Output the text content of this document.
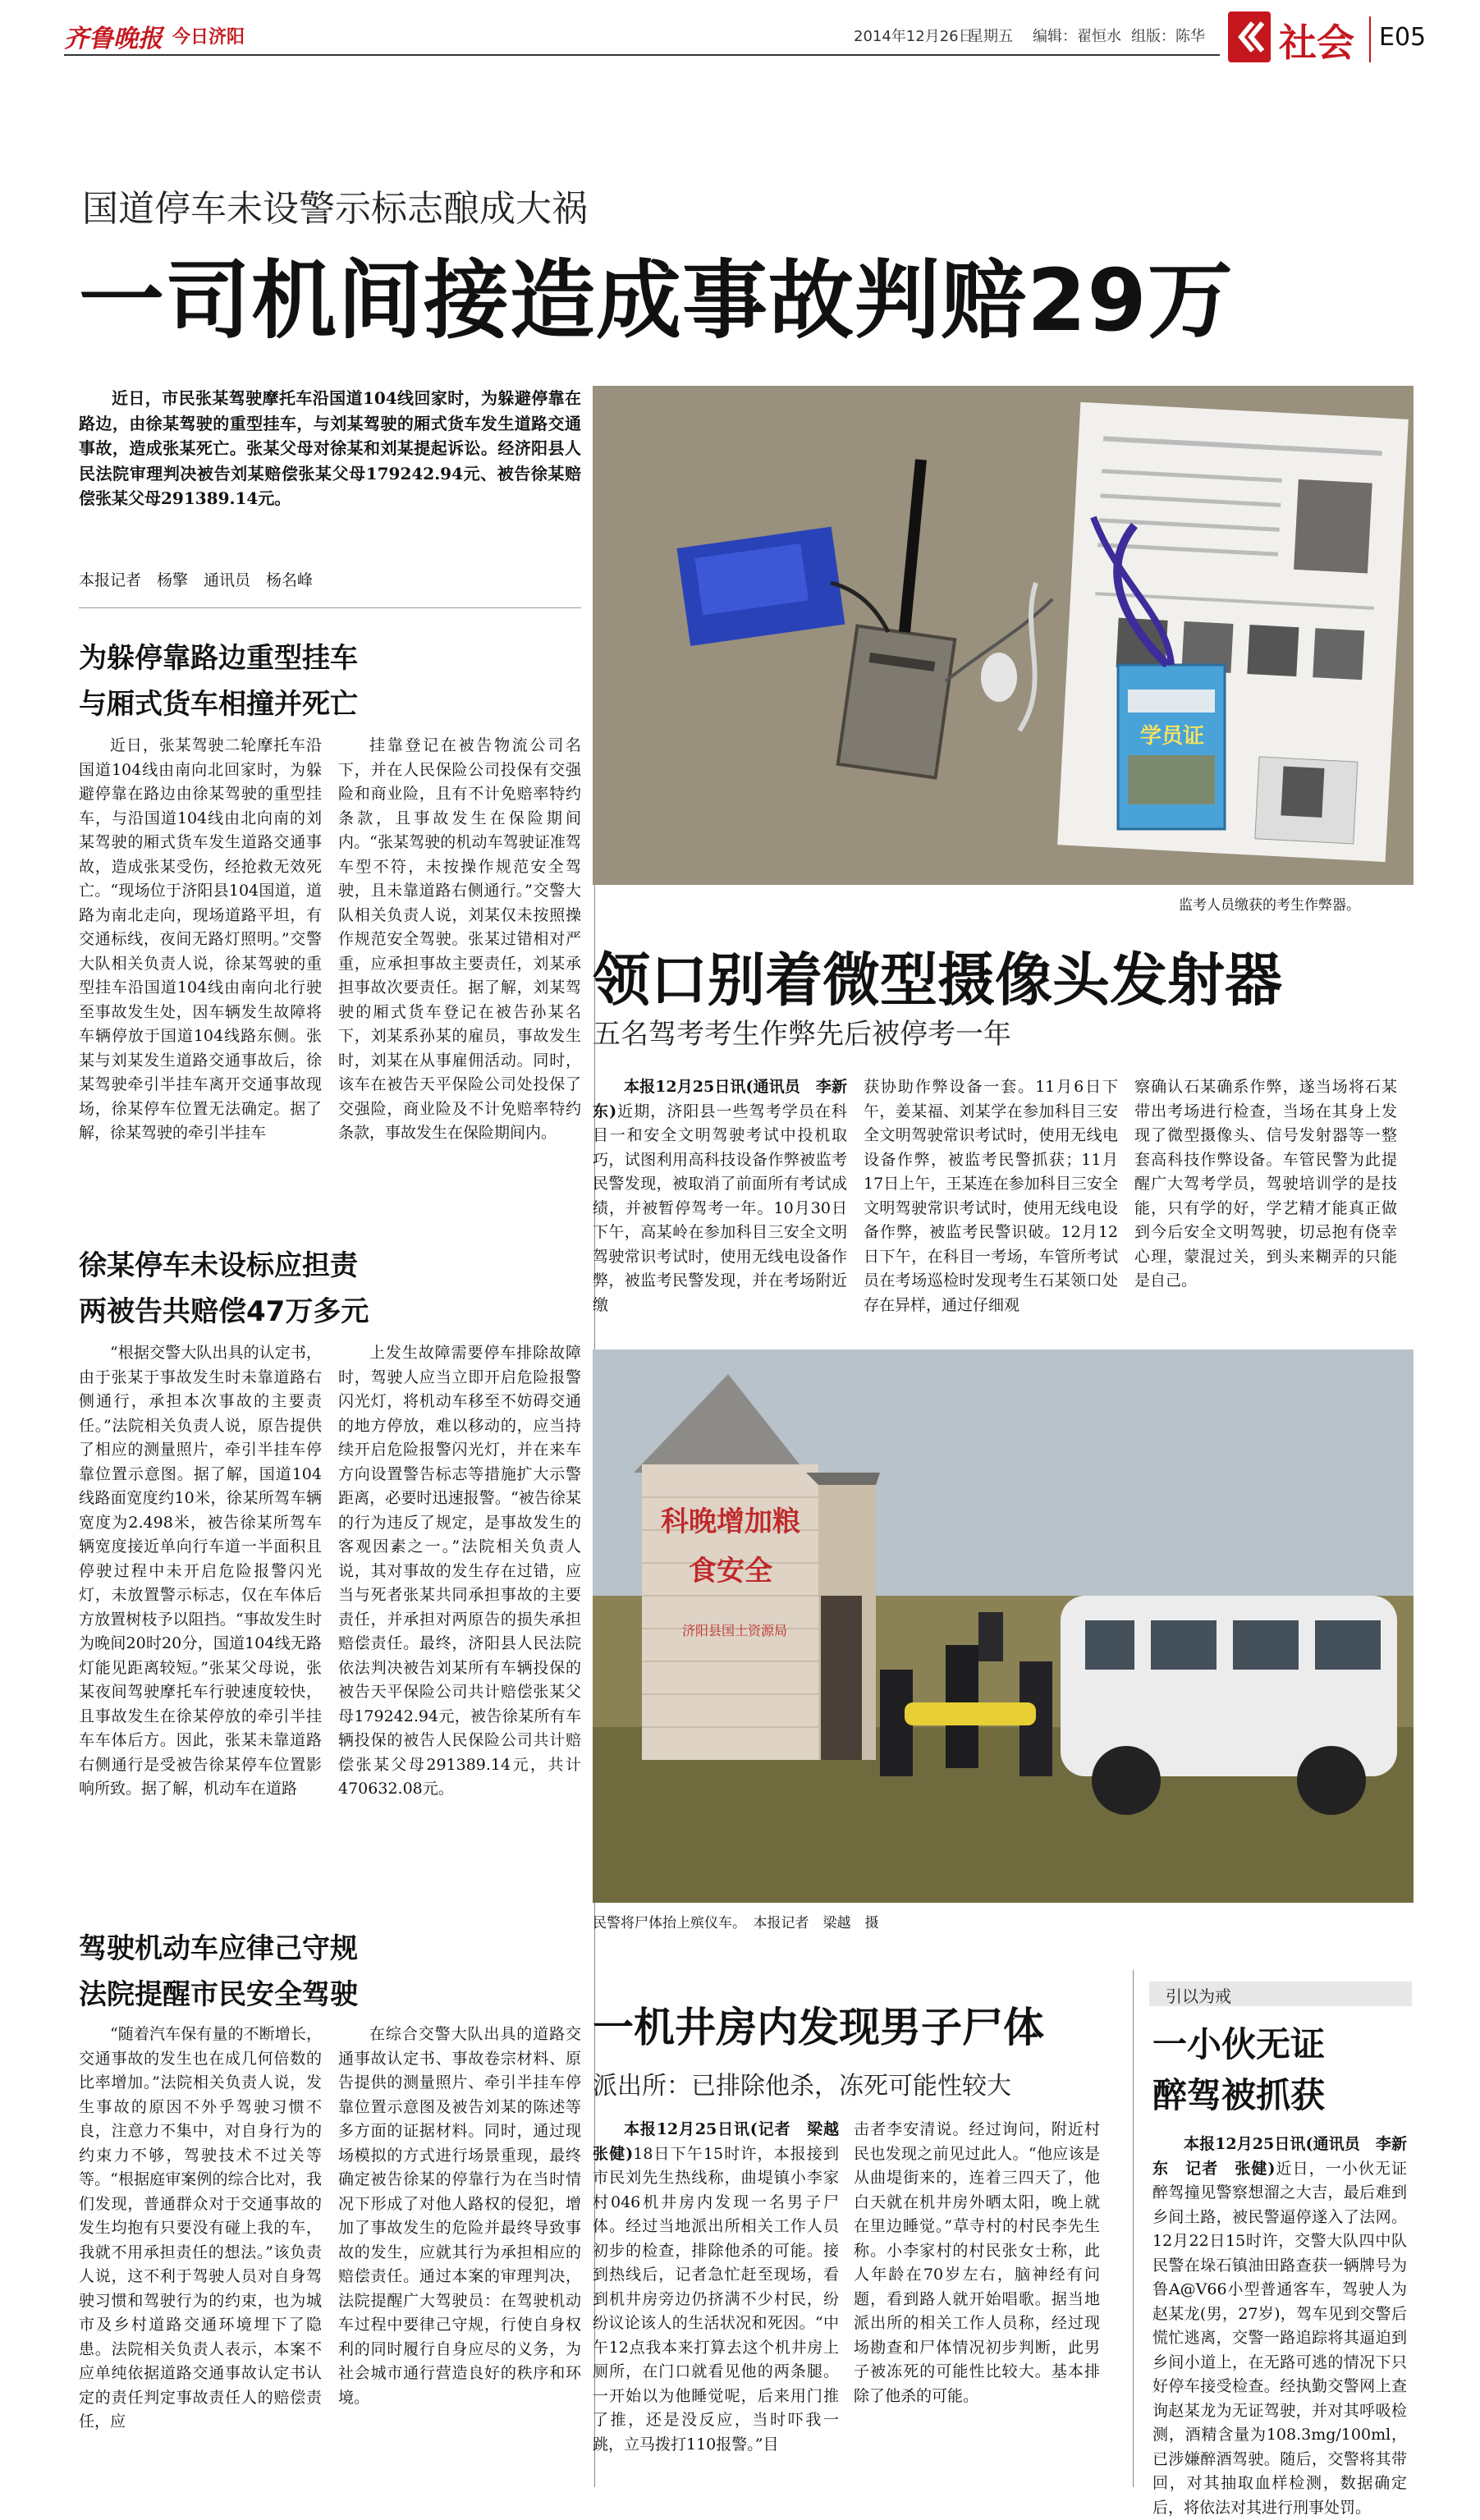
齐鲁晚报 今日济阳	2014年12月26日
星期五 编辑：翟恒水 组版：陈华 社会 E05
国道停车未设警示标志酿成大祸
一司机间接造成事故判赔29万
近日，市民张某驾驶摩托车沿国道104线回家时，为躲避停靠在路边，由徐某驾驶的重型挂车，与刘某驾驶的厢式货车发生道路交通事故，造成张某死亡。张某父母对徐某和刘某提起诉讼。经济阳县人民法院审理判决被告刘某赔偿张某父母179242.94元、被告徐某赔偿张某父母291389.14元。
本报记者　杨擎　通讯员　杨名峰
为躲停靠路边重型挂车
与厢式货车相撞并死亡
近日，张某驾驶二轮摩托车沿国道104线由南向北回家时，为躲避停靠在路边由徐某驾驶的重型挂车，与沿国道104线由北向南的刘某驾驶的厢式货车发生道路交通事故，造成张某受伤，经抢救无效死亡。“现场位于济阳县104国道，道路为南北走向，现场道路平坦，有交通标线，夜间无路灯照明。”交警大队相关负责人说，徐某驾驶的重型挂车沿国道104线由南向北行驶至事故发生处，因车辆发生故障将车辆停放于国道104线路东侧。张某与刘某发生道路交通事故后，徐某驾驶牵引半挂车离开交通事故现场，徐某停车位置无法确定。据了解，徐某驾驶的牵引半挂车
挂靠登记在被告物流公司名下，并在人民保险公司投保有交强险和商业险，且有不计免赔率特约条款，且事故发生在保险期间内。“张某驾驶的机动车驾驶证准驾车型不符，未按操作规范安全驾驶，且未靠道路右侧通行。”交警大队相关负责人说，刘某仅未按照操作规范安全驾驶。张某过错相对严重，应承担事故主要责任，刘某承担事故次要责任。据了解，刘某驾驶的厢式货车登记在被告孙某名下，刘某系孙某的雇员，事故发生时，刘某在从事雇佣活动。同时，该车在被告天平保险公司处投保了交强险，商业险及不计免赔率特约条款，事故发生在保险期间内。
徐某停车未设标应担责
两被告共赔偿47万多元
“根据交警大队出具的认定书，由于张某于事故发生时未靠道路右侧通行，承担本次事故的主要责任。”法院相关负责人说，原告提供了相应的测量照片，牵引半挂车停靠位置示意图。据了解，国道104线路面宽度约10米，徐某所驾车辆宽度为2.498米，被告徐某所驾车辆宽度接近单向行车道一半面积且停驶过程中未开启危险报警闪光灯，未放置警示标志，仅在车体后方放置树枝予以阻挡。“事故发生时为晚间20时20分，国道104线无路灯能见距离较短。”张某父母说，张某夜间驾驶摩托车行驶速度较快，且事故发生在徐某停放的牵引半挂车车体后方。因此，张某未靠道路右侧通行是受被告徐某停车位置影响所致。据了解，机动车在道路
上发生故障需要停车排除故障时，驾驶人应当立即开启危险报警闪光灯，将机动车移至不妨碍交通的地方停放，难以移动的，应当持续开启危险报警闪光灯，并在来车方向设置警告标志等措施扩大示警距离，必要时迅速报警。“被告徐某的行为违反了规定，是事故发生的客观因素之一。”法院相关负责人说，其对事故的发生存在过错，应当与死者张某共同承担事故的主要责任，并承担对两原告的损失承担赔偿责任。最终，济阳县人民法院依法判决被告刘某所有车辆投保的被告天平保险公司共计赔偿张某父母179242.94元，被告徐某所有车辆投保的被告人民保险公司共计赔偿张某父母291389.14元，共计470632.08元。
驾驶机动车应律己守规
法院提醒市民安全驾驶
“随着汽车保有量的不断增长，交通事故的发生也在成几何倍数的比率增加。”法院相关负责人说，发生事故的原因不外乎驾驶习惯不良，注意力不集中，对自身行为的约束力不够，驾驶技术不过关等等。“根据庭审案例的综合比对，我们发现，普通群众对于交通事故的发生均抱有只要没有碰上我的车，我就不用承担责任的想法。”该负责人说，这不利于驾驶人员对自身驾驶习惯和驾驶行为的约束，也为城市及乡村道路交通环境埋下了隐患。法院相关负责人表示，本案不应单纯依据道路交通事故认定书认定的责任判定事故责任人的赔偿责任，应
在综合交警大队出具的道路交通事故认定书、事故卷宗材料、原告提供的测量照片、牵引半挂车停靠位置示意图及被告刘某的陈述等多方面的证据材料。同时，通过现场模拟的方式进行场景重现，最终确定被告徐某的停靠行为在当时情况下形成了对他人路权的侵犯，增加了事故发生的危险并最终导致事故的发生，应就其行为承担相应的赔偿责任。通过本案的审理判决，法院提醒广大驾驶员：在驾驶机动车过程中要律己守规，行使自身权利的同时履行自身应尽的义务，为社会城市通行营造良好的秩序和环境。
学员证
监考人员缴获的考生作弊器。
领口别着微型摄像头发射器
五名驾考考生作弊先后被停考一年
本报12月25日讯(通讯员　李新东)近期，济阳县一些驾考学员在科目一和安全文明驾驶考试中投机取巧，试图利用高科技设备作弊被监考民警发现，被取消了前面所有考试成绩，并被暂停驾考一年。10月30日下午，高某岭在参加科目三安全文明驾驶常识考试时，使用无线电设备作弊，被监考民警发现，并在考场附近缴
获协助作弊设备一套。11月6日下午，姜某福、刘某学在参加科目三安全文明驾驶常识考试时，使用无线电设备作弊，被监考民警抓获；11月17日上午，王某连在参加科目三安全文明驾驶常识考试时，使用无线电设备作弊，被监考民警识破。12月12日下午，在科目一考场，车管所考试员在考场巡检时发现考生石某领口处存在异样，通过仔细观
察确认石某确系作弊，遂当场将石某带出考场进行检查，当场在其身上发现了微型摄像头、信号发射器等一整套高科技作弊设备。车管民警为此提醒广大驾考学员，驾驶培训学的是技能，只有学的好，学艺精才能真正做到今后安全文明驾驶，切忌抱有侥幸心理，蒙混过关，到头来糊弄的只能是自己。
科晚增加粮食安全
济阳县国土资源局
民警将尸体抬上殡仪车。　本报记者　梁越　摄
一机井房内发现男子尸体
派出所：已排除他杀，冻死可能性较大
本报12月25日讯(记者　梁越　张健)18日下午15时许，本报接到市民刘先生热线称，曲堤镇小李家村046机井房内发现一名男子尸体。经过当地派出所相关工作人员初步的检查，排除他杀的可能。接到热线后，记者急忙赶至现场，看到机井房旁边仍挤满不少村民，纷纷议论该人的生活状况和死因。“中午12点我本来打算去这个机井房上厕所，在门口就看见他的两条腿。一开始以为他睡觉呢，后来用门推了推，还是没反应，当时吓我一跳，立马拨打110报警。”目
击者李安清说。经过询问，附近村民也发现之前见过此人。“他应该是从曲堤街来的，连着三四天了，他白天就在机井房外晒太阳，晚上就在里边睡觉。”草寺村的村民李先生称。小李家村的村民张女士称，此人年龄在70岁左右，脑神经有问题，看到路人就开始唱歌。据当地派出所的相关工作人员称，经过现场勘查和尸体情况初步判断，此男子被冻死的可能性比较大。基本排除了他杀的可能。
引以为戒
一小伙无证
醉驾被抓获
本报12月25日讯(通讯员　李新东　记者　张健)近日，一小伙无证醉驾撞见警察想溜之大吉，最后难到乡间土路，被民警逼停遂入了法网。12月22日15时许，交警大队四中队民警在垛石镇油田路查获一辆牌号为鲁A@V66小型普通客车，驾驶人为赵某龙(男，27岁)，驾车见到交警后慌忙逃离，交警一路追踪将其逼迫到乡间小道上，在无路可逃的情况下只好停车接受检查。经执勤交警网上查询赵某龙为无证驾驶，并对其呼吸检测，酒精含量为108.3mg/100ml，已涉嫌醉酒驾驶。随后，交警将其带回，对其抽取血样检测，数据确定后，将依法对其进行刑事处罚。
